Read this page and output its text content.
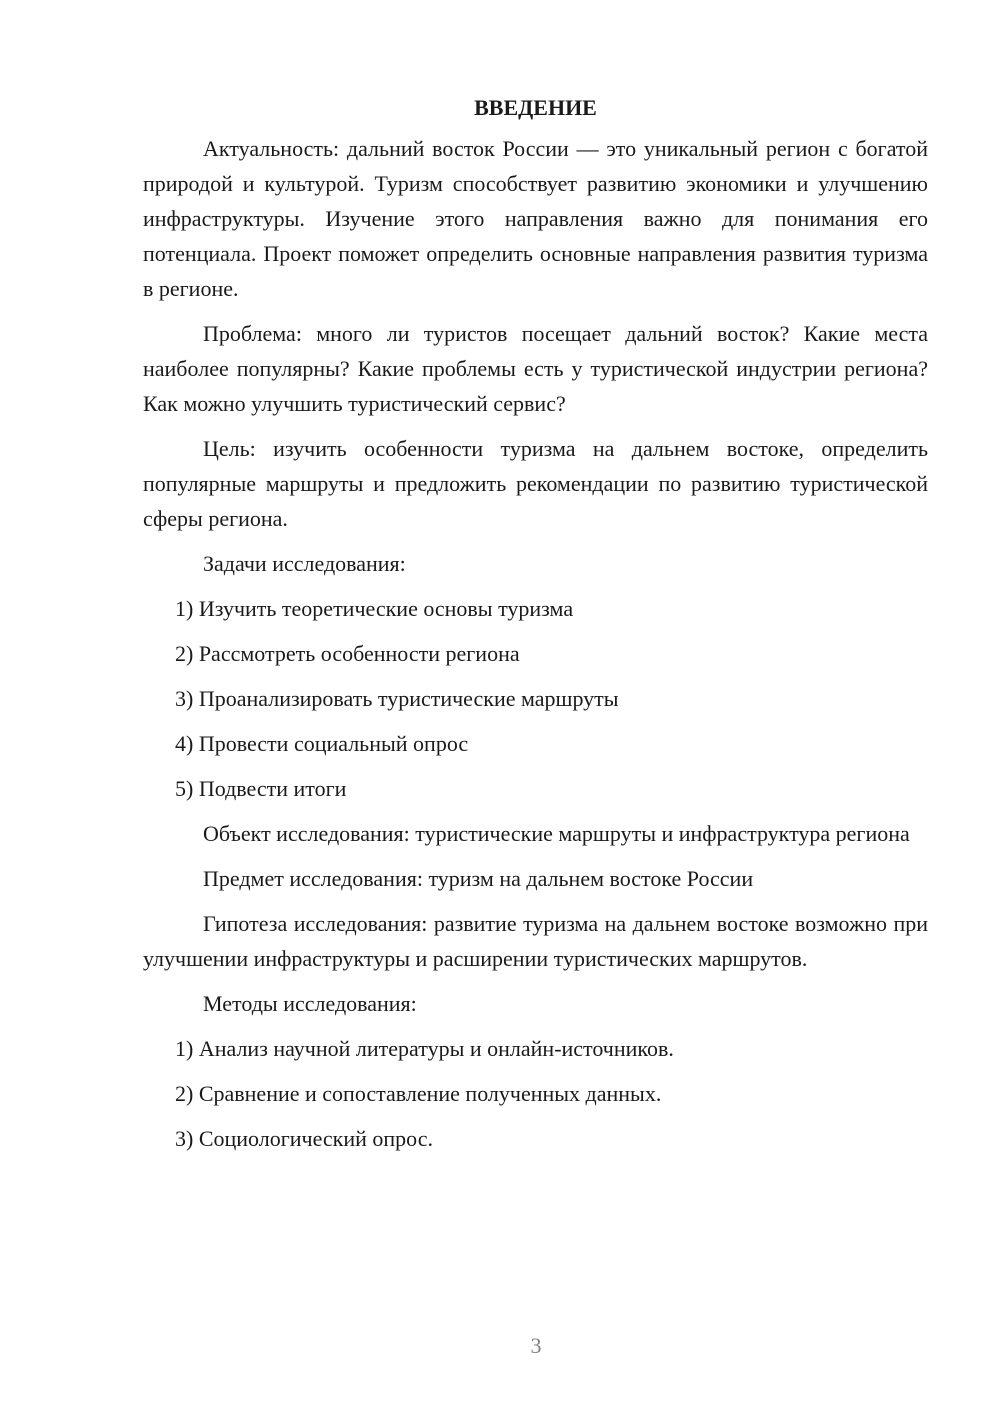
ВВЕДЕНИЕ

Актуальность: дальний восток России — это уникальный регион с богатой природой и культурой. Туризм способствует развитию экономики и улучшению инфраструктуры. Изучение этого направления важно для понимания его потенциала. Проект поможет определить основные направления развития туризма в регионе.

Проблема: много ли туристов посещает дальний восток? Какие места наиболее популярны? Какие проблемы есть у туристической индустрии региона? Как можно улучшить туристический сервис?

Цель: изучить особенности туризма на дальнем востоке, определить популярные маршруты и предложить рекомендации по развитию туристической сферы региона.

Задачи исследования:

1) Изучить теоретические основы туризма
2) Рассмотреть особенности региона
3) Проанализировать туристические маршруты
4) Провести социальный опрос
5) Подвести итоги

Объект исследования: туристические маршруты и инфраструктура региона

Предмет исследования: туризм на дальнем востоке России

Гипотеза исследования: развитие туризма на дальнем востоке возможно при улучшении инфраструктуры и расширении туристических маршрутов.

Методы исследования:

1) Анализ научной литературы и онлайн-источников.
2) Сравнение и сопоставление полученных данных.
3) Социологический опрос.
3
